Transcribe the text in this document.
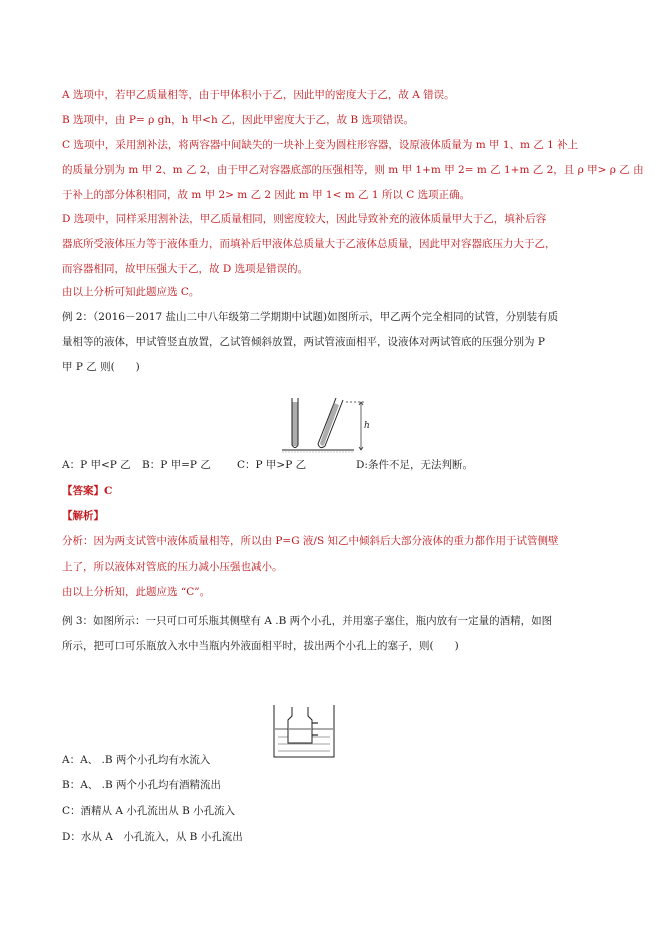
A 选项中，若甲乙质量相等，由于甲体积小于乙，因此甲的密度大于乙，故 A 错误。
B 选项中，由 P= ρ gh，h 甲<h 乙，因此甲密度大于乙，故 B 选项错误。
C 选项中，采用割补法，将两容器中间缺失的一块补上变为圆柱形容器，设原液体质量为 m 甲 1、m 乙 1 补上
的质量分别为 m 甲 2、m 乙 2，由于甲乙对容器底部的压强相等，则 m 甲 1+m 甲 2= m 乙 1+m 乙 2，且 ρ 甲> ρ 乙 由
于补上的部分体积相同，故 m 甲 2> m 乙 2 因此 m 甲 1< m 乙 1 所以 C 选项正确。
D 选项中，同样采用割补法，甲乙质量相同，则密度较大，因此导致补充的液体质量甲大于乙，填补后容
器底所受液体压力等于液体重力，而填补后甲液体总质量大于乙液体总质量，因此甲对容器底压力大于乙，
而容器相同，故甲压强大于乙，故 D 选项是错误的。
由以上分析可知此题应选 C。
例 2：（2016－2017 盐山二中八年级第二学期期中试题)如图所示，甲乙两个完全相同的试管，分别装有质
量相等的液体，甲试管竖直放置，乙试管倾斜放置，两试管液面相平，设液体对两试管底的压强分别为 P
甲 P 乙 则(　　)
h
A：P 甲<P 乙 B：P 甲=P 乙 C：P 甲>P 乙	D:条件不足，无法判断。
【答案】C
【解析】
分析：因为两支试管中液体质量相等，所以由 P=G 液/S 知乙中倾斜后大部分液体的重力都作用于试管侧壁
上了，所以液体对管底的压力减小压强也减小。
由以上分析知，此题应选 “C”。
例 3：如图所示：一只可口可乐瓶其侧壁有 A .B 两个小孔，并用塞子塞住，瓶内放有一定量的酒精，如图
所示，把可口可乐瓶放入水中当瓶内外液面相平时，拔出两个小孔上的塞子，则(　　)
A：A、 .B 两个小孔均有水流入
B：A、 .B 两个小孔均有酒精流出
C：酒精从 A 小孔流出从 B 小孔流入
D：水从 A　小孔流入，从 B 小孔流出
